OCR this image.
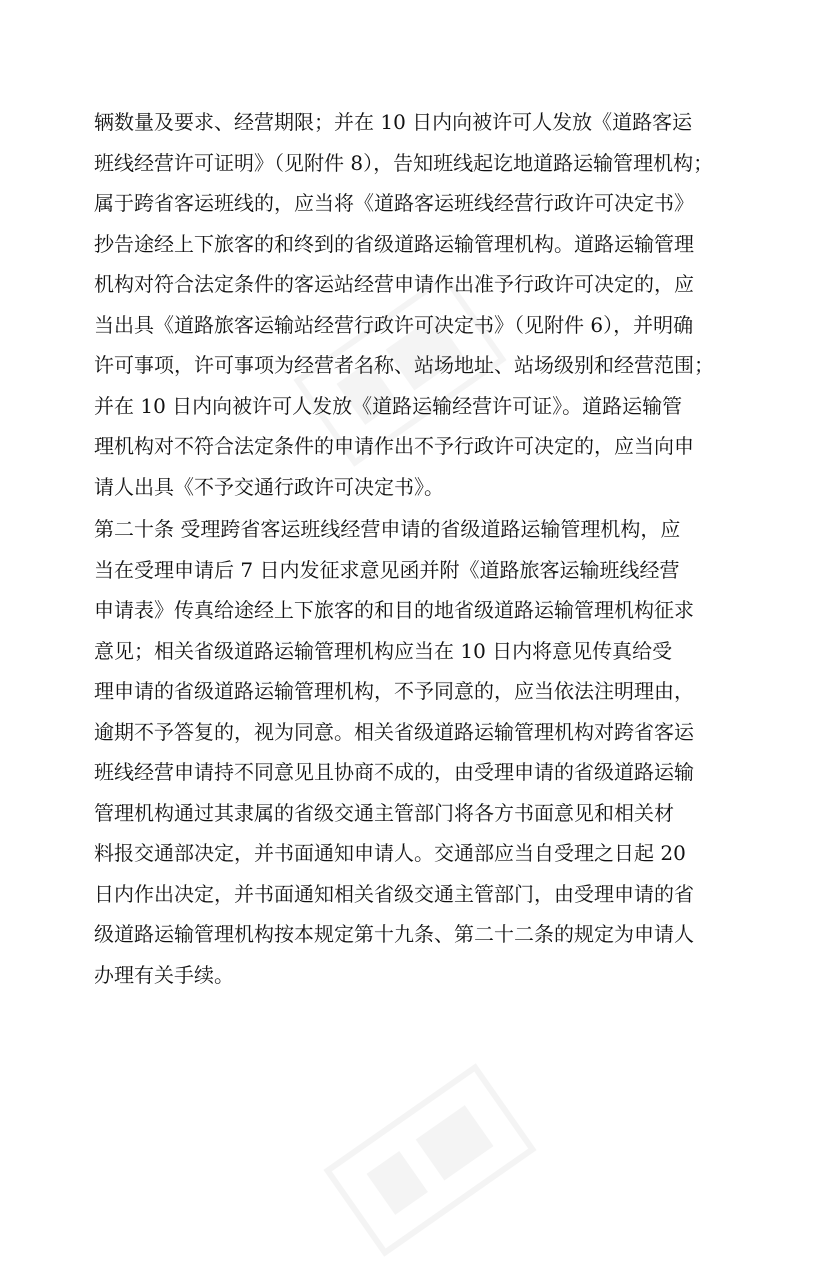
辆数量及要求、经营期限；并在 10 日内向被许可人发放《道路客运
班线经营许可证明》（见附件 8），告知班线起讫地道路运输管理机构；
属于跨省客运班线的，应当将《道路客运班线经营行政许可决定书》
抄告途经上下旅客的和终到的省级道路运输管理机构。道路运输管理
机构对符合法定条件的客运站经营申请作出准予行政许可决定的，应
当出具《道路旅客运输站经营行政许可决定书》（见附件 6），并明确
许可事项，许可事项为经营者名称、站场地址、站场级别和经营范围；
并在 10 日内向被许可人发放《道路运输经营许可证》。道路运输管
理机构对不符合法定条件的申请作出不予行政许可决定的，应当向申
请人出具《不予交通行政许可决定书》。
第二十条 受理跨省客运班线经营申请的省级道路运输管理机构，应
当在受理申请后 7 日内发征求意见函并附《道路旅客运输班线经营
申请表》传真给途经上下旅客的和目的地省级道路运输管理机构征求
意见；相关省级道路运输管理机构应当在 10 日内将意见传真给受
理申请的省级道路运输管理机构，不予同意的，应当依法注明理由，
逾期不予答复的，视为同意。相关省级道路运输管理机构对跨省客运
班线经营申请持不同意见且协商不成的，由受理申请的省级道路运输
管理机构通过其隶属的省级交通主管部门将各方书面意见和相关材
料报交通部决定，并书面通知申请人。交通部应当自受理之日起 20
日内作出决定，并书面通知相关省级交通主管部门，由受理申请的省
级道路运输管理机构按本规定第十九条、第二十二条的规定为申请人
办理有关手续。
